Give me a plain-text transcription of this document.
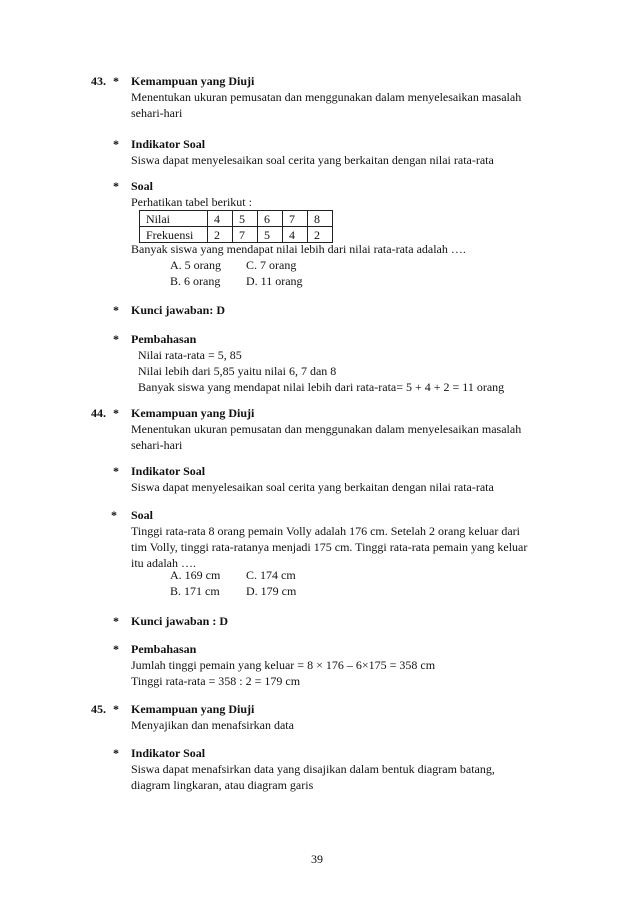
43. * Kemampuan yang Diuji
Menentukan ukuran pemusatan dan menggunakan dalam menyelesaikan masalah
sehari-hari
* Indikator Soal
Siswa dapat menyelesaikan soal cerita yang berkaitan dengan nilai rata-rata
* Soal
Perhatikan tabel berikut :
Nilai	4	5	6	7	8
Frekuensi	2	7	5	4	2
Banyak siswa yang mendapat nilai lebih dari nilai rata-rata adalah ….
A. 5 orang C. 7 orang
B. 6 orang D. 11 orang
* Kunci jawaban: D
* Pembahasan
Nilai rata-rata = 5, 85
Nilai lebih dari 5,85 yaitu nilai 6, 7 dan 8
Banyak siswa yang mendapat nilai lebih dari rata-rata= 5 + 4 + 2 = 11 orang
44. * Kemampuan yang Diuji
Menentukan ukuran pemusatan dan menggunakan dalam menyelesaikan masalah
sehari-hari
* Indikator Soal
Siswa dapat menyelesaikan soal cerita yang berkaitan dengan nilai rata-rata
* Soal
Tinggi rata-rata 8 orang pemain Volly adalah 176 cm. Setelah 2 orang keluar dari
tim Volly, tinggi rata-ratanya menjadi 175 cm. Tinggi rata-rata pemain yang keluar
itu adalah ….
A. 169 cm C. 174 cm
B. 171 cm D. 179 cm
* Kunci jawaban : D
* Pembahasan
Jumlah tinggi pemain yang keluar = 8 × 176 – 6×175 = 358 cm
Tinggi rata-rata = 358 : 2 = 179 cm
45. * Kemampuan yang Diuji
Menyajikan dan menafsirkan data
* Indikator Soal
Siswa dapat menafsirkan data yang disajikan dalam bentuk diagram batang,
diagram lingkaran, atau diagram garis
39
